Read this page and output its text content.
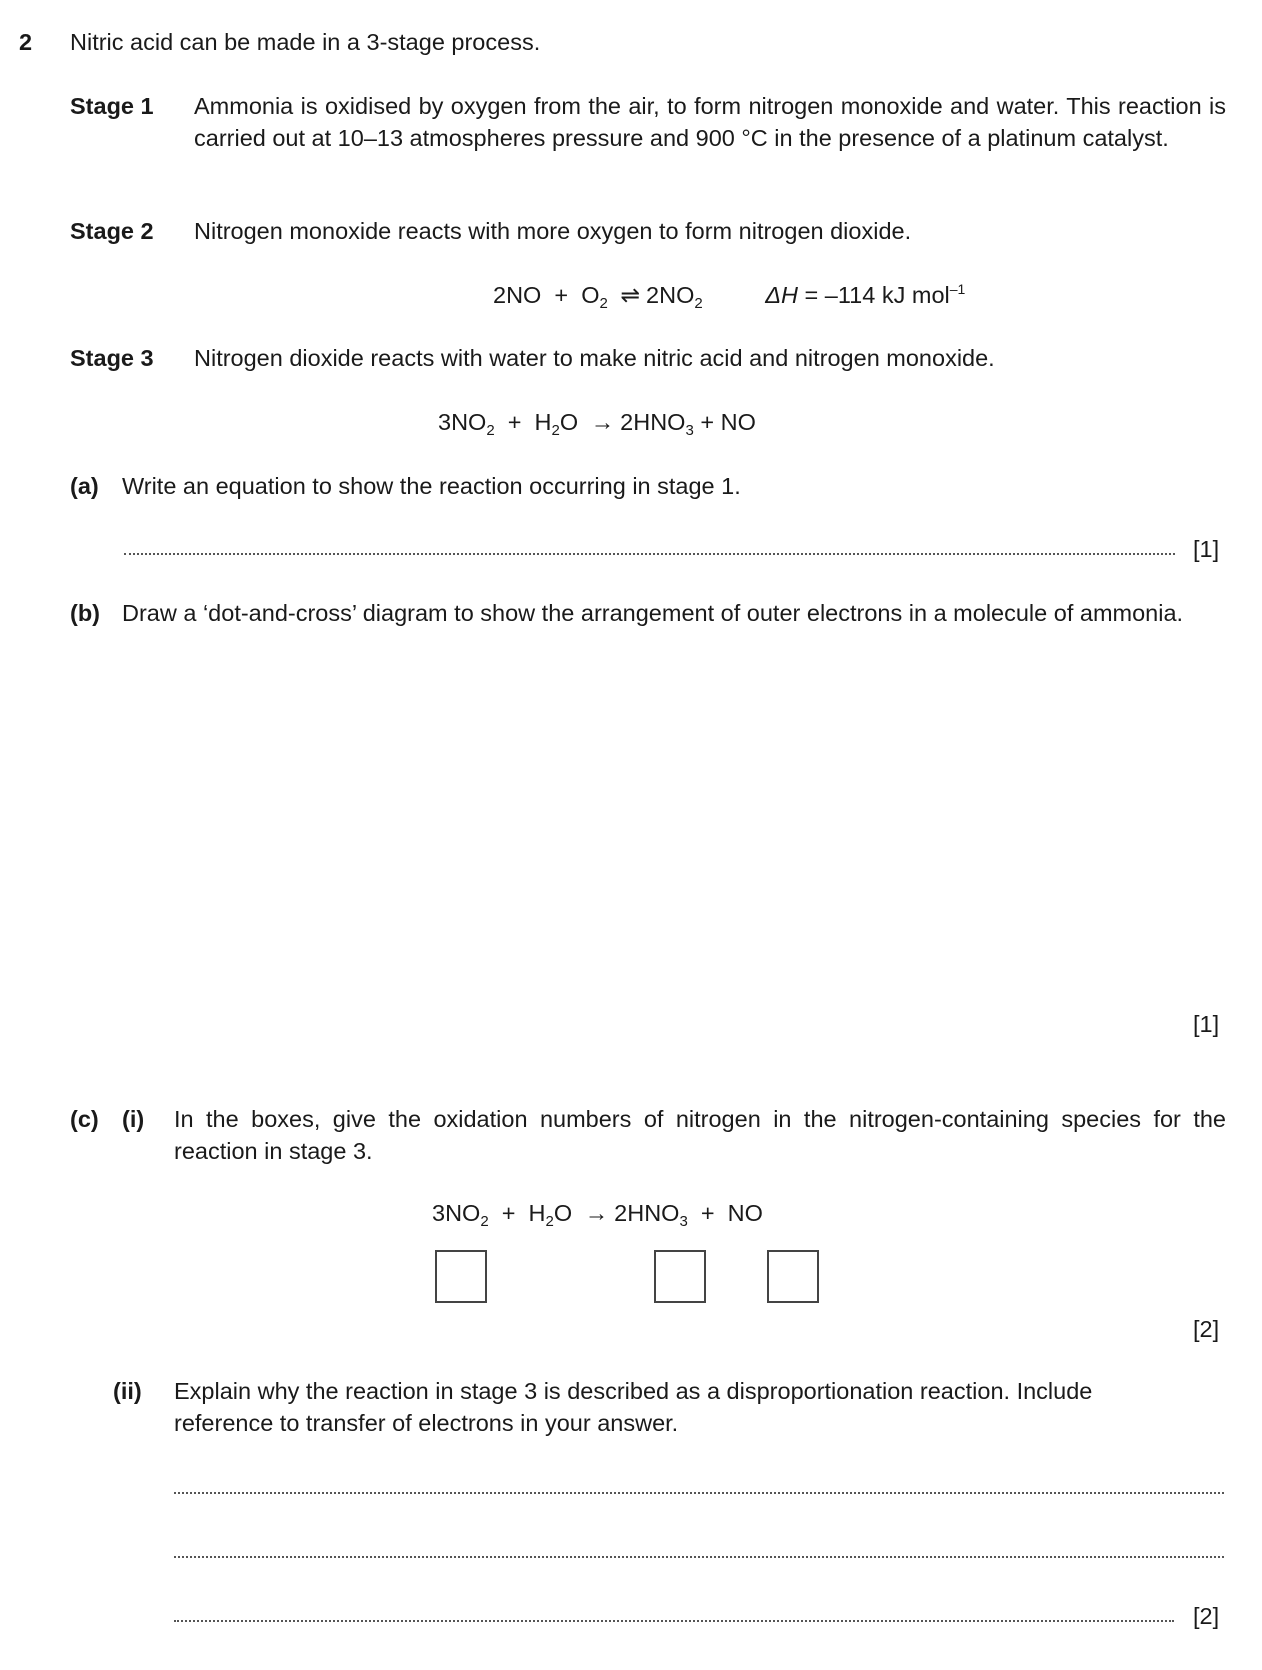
2 Nitric acid can be made in a 3-stage process.
Stage 1 Ammonia is oxidised by oxygen from the air, to form nitrogen monoxide and water. This reaction is carried out at 10–13 atmospheres pressure and 900 °C in the presence of a platinum catalyst.
Stage 2 Nitrogen monoxide reacts with more oxygen to form nitrogen dioxide.
$2NO + O_2$ ⇌ $2NO_2$	ΔH = –114 kJ mol$^{-1}$
Stage 3 Nitrogen dioxide reacts with water to make nitric acid and nitrogen monoxide.
$3NO_2 + H_2O \to 2HNO_3$ + NO
(a) Write an equation to show the reaction occurring in stage 1.
[1]
(b) Draw a ‘dot-and-cross’ diagram to show the arrangement of outer electrons in a molecule of ammonia.
[1]
(c) (i) In the boxes, give the oxidation numbers of nitrogen in the nitrogen-containing species for the reaction in stage 3.
$3NO_2 + H_2O \to 2HNO_3$ + NO
[2]
(ii) Explain why the reaction in stage 3 is described as a disproportionation reaction. Include reference to transfer of electrons in your answer.
[2]
